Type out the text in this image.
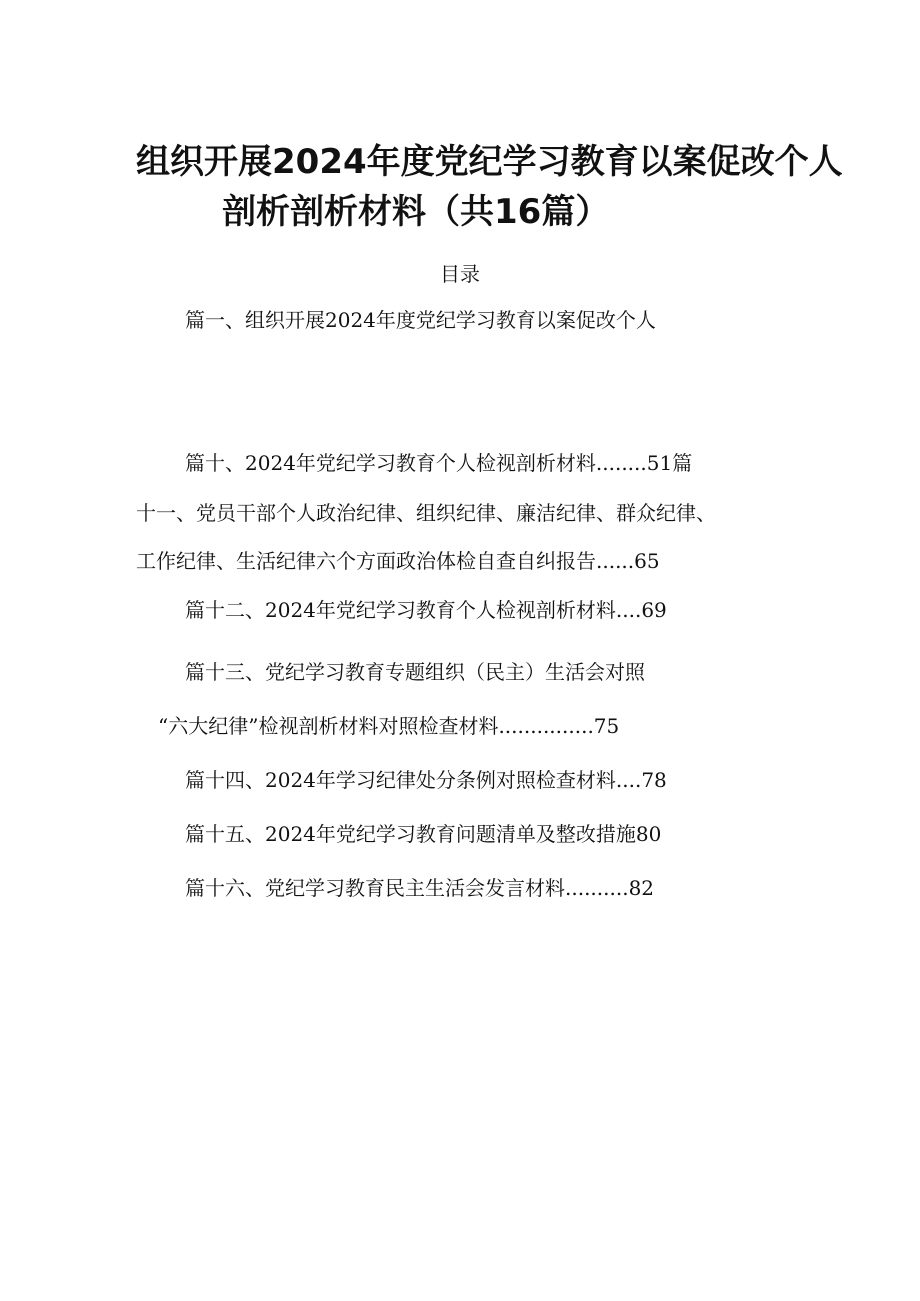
组织开展2024年度党纪学习教育以案促改个人
剖析剖析材料（共16篇）
目录
篇一、组织开展2024年度党纪学习教育以案促改个人
篇十、2024年党纪学习教育个人检视剖析材料........51篇
十一、党员干部个人政治纪律、组织纪律、廉洁纪律、群众纪律、
工作纪律、生活纪律六个方面政治体检自查自纠报告......65
篇十二、2024年党纪学习教育个人检视剖析材料....69
篇十三、党纪学习教育专题组织（民主）生活会对照
“六大纪律”检视剖析材料对照检查材料...............75
篇十四、2024年学习纪律处分条例对照检查材料....78
篇十五、2024年党纪学习教育问题清单及整改措施80
篇十六、党纪学习教育民主生活会发言材料..........82
